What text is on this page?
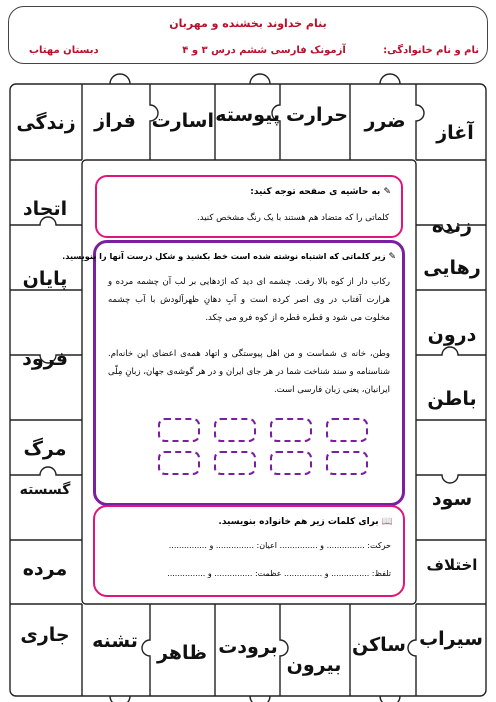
بنام خداوند بخشنده و مهربان
نام و نام خانوادگی:
آزمونک فارسی ششم درس ۳ و ۴
دبستان مهتاب
آغاز
ضرر
حرارت
پیوسته
اسارت
فراز
زندگی
زنده
رهایی
درون
باطن
سود
اختلاف
سیراب
اتحاد
پایان
فرود
مرگ
گسسته
مرده
جاری	ساکن
بیرون
برودت
ظاهر
تشنه
✎ به حاشیه ی صفحه توجه کنید:
کلماتی را که متضاد هم هستند با یک رنگ مشخص کنید.
✎ زیر کلماتی که اشتباه نوشته شده است خط بکشید و شکل درست آنها را بنویسید.
رکاب دار از کوه بالا رفت. چشمه ای دید که اژدهایی بر لب آن چشمه مرده و هرارت آفتاب در وی اصر کرده است و آبِ دهانِ ظهرآلودش با آب چشمه مخلوت می شود و قطره قطره از کوه فرو می چکد.
وطن، خانه ی شماست و من اهل پیوستگی و اتهاد همه‌ی اعضای این خانه‌ام. شناسنامه و سند شناخت شما در هر جای ایران و در هر گوشه‌ی جهان، زبانِ مِلّی ایرانیان، یعنی زبان فارسی است.
📖 برای کلمات زیر هم خانواده بنویسید.
حرکت: ............... و ............... اعیان: ............... و ...............
تلفظ: ............... و ............... عظمت: ............... و ...............
